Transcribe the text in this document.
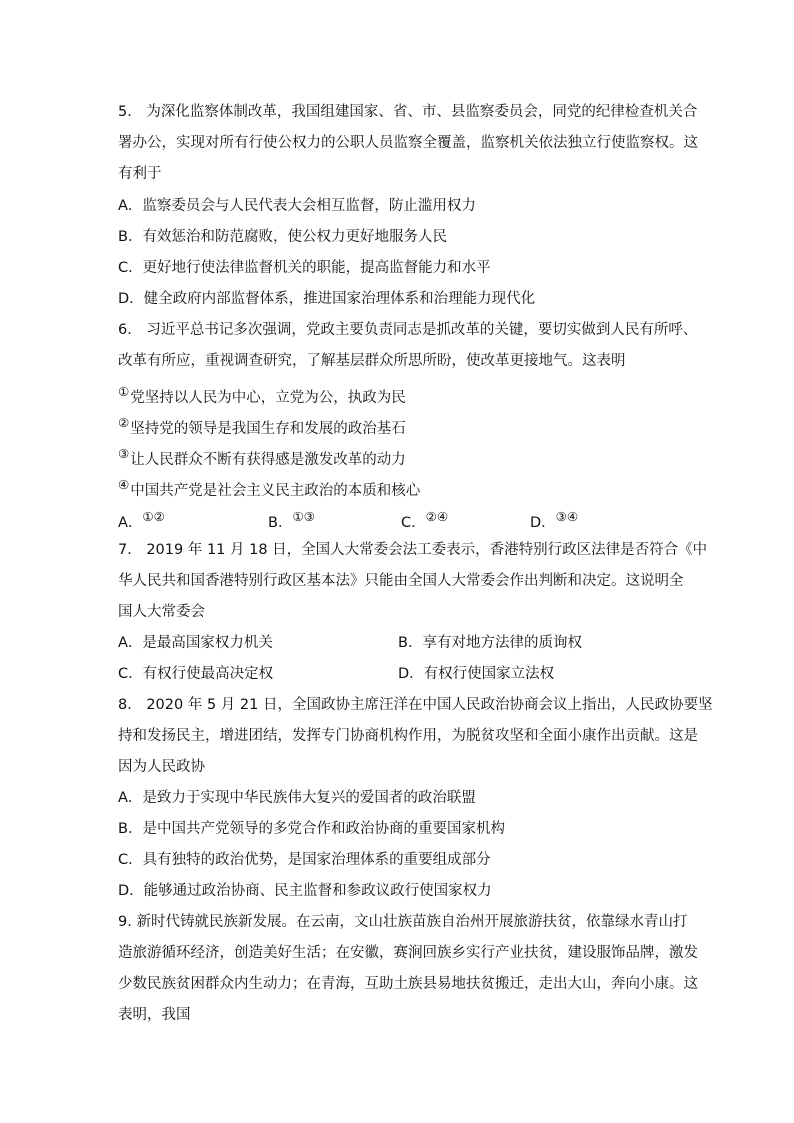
5． 为深化监察体制改革，我国组建国家、省、市、县监察委员会，同党的纪律检查机关合
署办公，实现对所有行使公权力的公职人员监察全覆盖，监察机关依法独立行使监察权。这
有利于
A．监察委员会与人民代表大会相互监督，防止滥用权力
B．有效惩治和防范腐败，使公权力更好地服务人民
C．更好地行使法律监督机关的职能，提高监督能力和水平
D．健全政府内部监督体系，推进国家治理体系和治理能力现代化
6． 习近平总书记多次强调，党政主要负责同志是抓改革的关键，要切实做到人民有所呼、
改革有所应，重视调查研究，了解基层群众所思所盼，使改革更接地气。这表明
①党坚持以人民为中心，立党为公，执政为民
②坚持党的领导是我国生存和发展的政治基石
③让人民群众不断有获得感是激发改革的动力
④中国共产党是社会主义民主政治的本质和核心
A．①②	B．①③	C．②④	D．③④
7． 2019 年 11 月 18 日，全国人大常委会法工委表示，香港特别行政区法律是否符合《中
华人民共和国香港特别行政区基本法》只能由全国人大常委会作出判断和决定。这说明全
国人大常委会
A．是最高国家权力机关	B．享有对地方法律的质询权
C．有权行使最高决定权	D．有权行使国家立法权
8． 2020 年 5 月 21 日，全国政协主席汪洋在中国人民政治协商会议上指出，人民政协要坚
持和发扬民主，增进团结，发挥专门协商机构作用，为脱贫攻坚和全面小康作出贡献。这是
因为人民政协
A．是致力于实现中华民族伟大复兴的爱国者的政治联盟
B．是中国共产党领导的多党合作和政治协商的重要国家机构
C．具有独特的政治优势，是国家治理体系的重要组成部分
D．能够通过政治协商、民主监督和参政议政行使国家权力
9. 新时代铸就民族新发展。在云南，文山壮族苗族自治州开展旅游扶贫，依靠绿水青山打
造旅游循环经济，创造美好生活；在安徽，赛涧回族乡实行产业扶贫，建设服饰品牌，激发
少数民族贫困群众内生动力；在青海，互助土族县易地扶贫搬迁，走出大山，奔向小康。这
表明，我国
